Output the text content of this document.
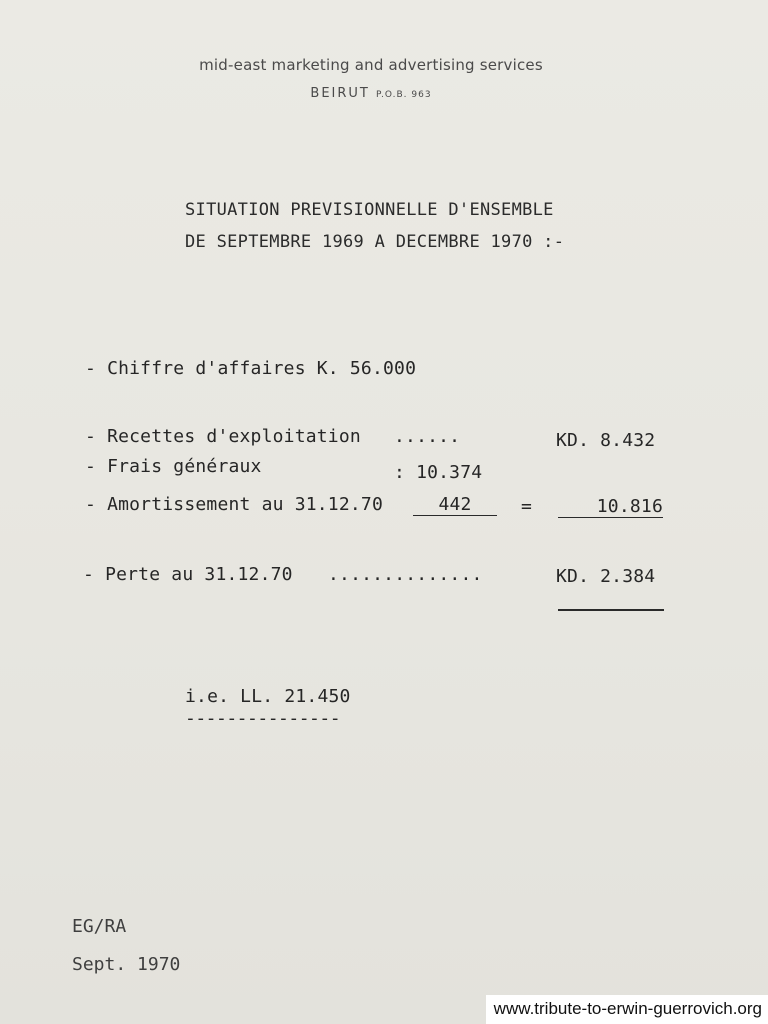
mid-east marketing and advertising services
BEIRUT P.O.B. 963
SITUATION PREVISIONNELLE D'ENSEMBLE
DE SEPTEMBRE 1969 A DECEMBRE 1970 :-
- Chiffre d'affaires K. 56.000
- Recettes d'exploitation ......	KD. 8.432
- Frais généraux	: 10.374
- Amortissement au 31.12.70	442	=	10.816
- Perte au 31.12.70 ..............	KD. 2.384
i.e. LL. 21.450
---------------
EG/RA
Sept. 1970
www.tribute-to-erwin-guerrovich.org
